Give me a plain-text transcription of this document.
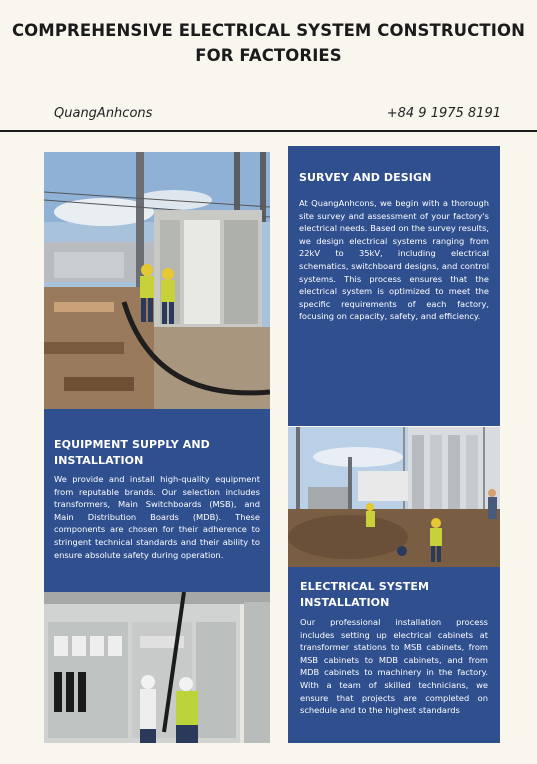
COMPREHENSIVE ELECTRICAL SYSTEM CONSTRUCTION
FOR FACTORIES
QuangAnhcons	+84 9 1975 8191
SURVEY AND DESIGN

At QuangAnhcons, we begin with a thorough site survey and assessment of your factory's electrical needs. Based on the survey results, we design electrical systems ranging from 22kV to 35kV, including electrical schematics, switchboard designs, and control systems. This process ensures that the electrical system is optimized to meet the specific requirements of each factory, focusing on capacity, safety, and efficiency.

EQUIPMENT SUPPLY AND
INSTALLATION

We provide and install high-quality equipment from reputable brands. Our selection includes transformers, Main Switchboards (MSB), and Main Distribution Boards (MDB). These components are chosen for their adherence to stringent technical standards and their ability to ensure absolute safety during operation.

ELECTRICAL SYSTEM
INSTALLATION

Our professional installation process includes setting up electrical cabinets at transformer stations to MSB cabinets, from MSB cabinets to MDB cabinets, and from MDB cabinets to machinery in the factory. With a team of skilled technicians, we ensure that projects are completed on schedule and to the highest standards
